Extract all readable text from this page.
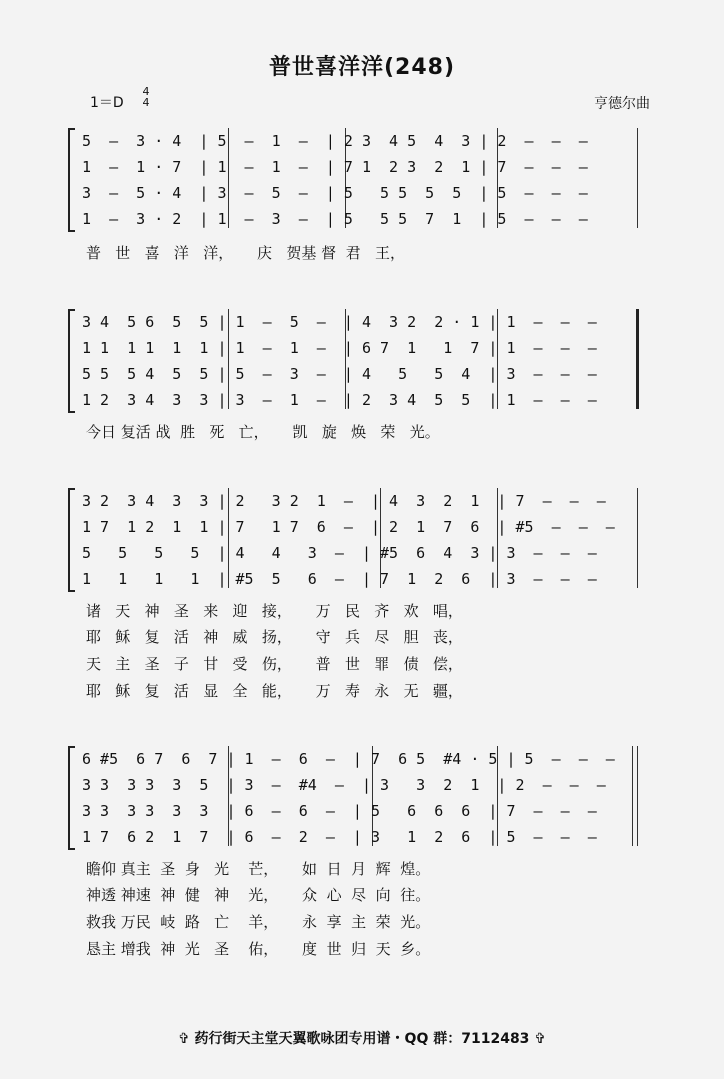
普世喜洋洋(248)
1＝D
4
4	亨德尔曲
5  –  3 · 4  | 5  –  1  –  | 2 3  4 5  4  3 | 2  –  –  –
1  –  1 · 7  | 1  –  1  –  | 7 1  2 3  2  1 | 7  –  –  –
3  –  5 · 4  | 3  –  5  –  | 5   5 5  5  5  | 5  –  –  –
1  –  3 · 2  | 1  –  3  –  | 5   5 5  7  1  | 5  –  –  –
普   世   喜   洋   洋，     庆   贺基 督  君   王，
3 4  5 6  5  5 | 1  –  5  –  | 4  3 2  2 · 1 | 1  –  –  –
1 1  1 1  1  1 | 1  –  1  –  | 6 7  1   1  7 | 1  –  –  –
5 5  5 4  5  5 | 5  –  3  –  | 4   5   5  4  | 3  –  –  –
1 2  3 4  3  3 | 3  –  1  –  | 2  3 4  5  5  | 1  –  –  –
今日 复活 战  胜   死   亡，     凯   旋   焕   荣   光。
3 2  3 4  3  3 | 2   3 2  1  –  | 4  3  2  1  | 7  –  –  –
1 7  1 2  1  1 | 7   1 7  6  –  | 2  1  7  6  | #5  –  –  –
5   5   5   5  | 4   4   3  –  | #5  6  4  3 | 3  –  –  –
1   1   1   1  | #5  5   6  –  | 7  1  2  6  | 3  –  –  –
诸   天   神   圣   来   迎   接，     万   民   齐   欢   唱，
耶   稣   复   活   神   威   扬，     守   兵   尽   胆   丧，
天   主   圣   子   甘   受   伤，     普   世   罪   债   偿，
耶   稣   复   活   显   全   能，     万   寿   永   无   疆，
6 #5  6 7  6  7 | 1  –  6  –  | 7  6 5  #4 · 5 | 5  –  –  –
3 3  3 3  3  5  | 3  –  #4  –  | 3   3  2  1  | 2  –  –  –
3 3  3 3  3  3  | 6  –  6  –  | 5   6  6  6  | 7  –  –  –
1 7  6 2  1  7  | 6  –  2  –  | 3   1  2  6  | 5  –  –  –
瞻仰 真主  圣  身   光    芒，     如  日  月  辉  煌。
神透 神速  神  健   神    光，     众  心  尽  向  往。
救我 万民  岐  路   亡    羊，     永  享  主  荣  光。
恳主 增我  神  光   圣    佑，     度  世  归  天  乡。
✞ 药行街天主堂天翼歌咏团专用谱・QQ 群：7112483 ✞
